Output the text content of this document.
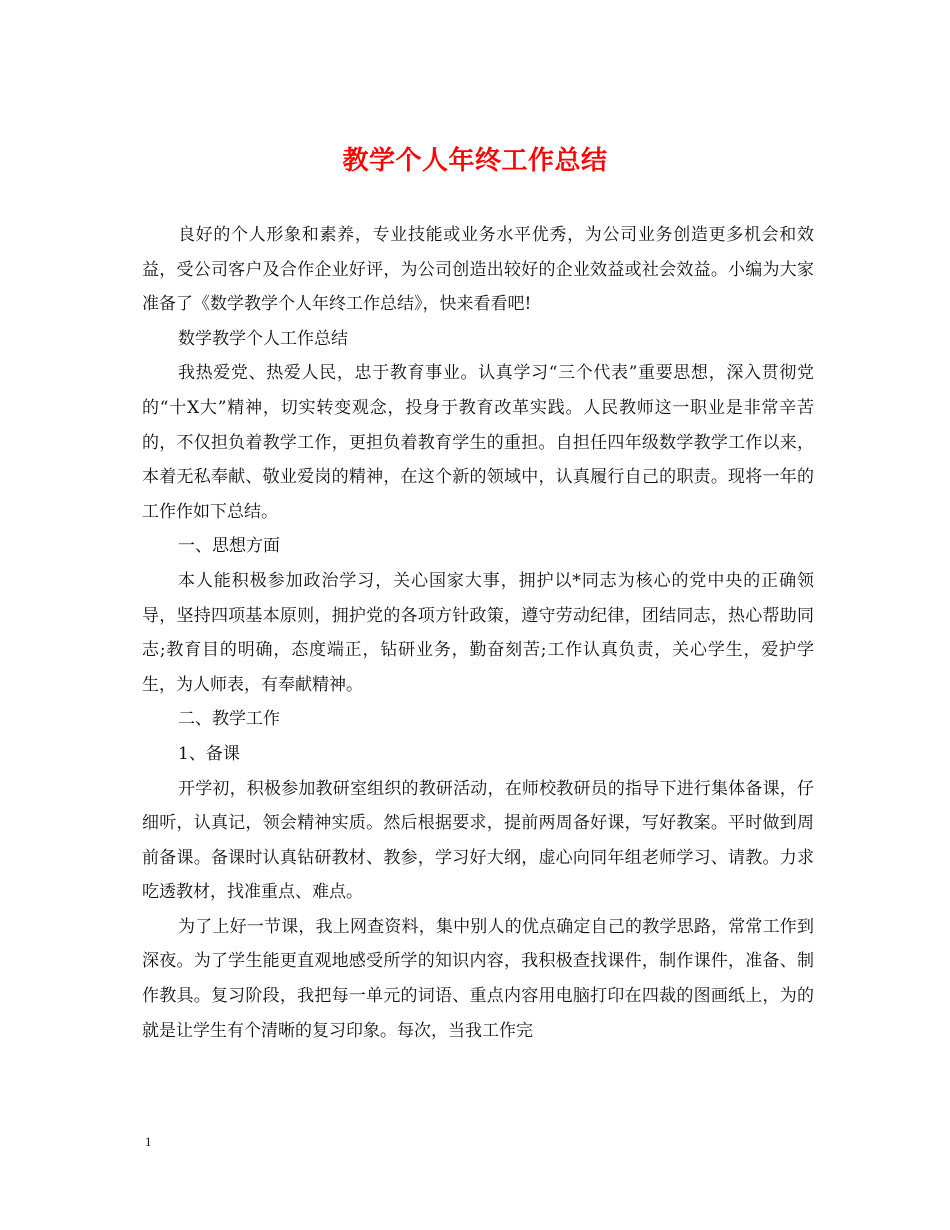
教学个人年终工作总结

良好的个人形象和素养，专业技能或业务水平优秀，为公司业务创造更多机会和效益，受公司客户及合作企业好评，为公司创造出较好的企业效益或社会效益。小编为大家准备了《数学教学个人年终工作总结》，快来看看吧!

数学教学个人工作总结

我热爱党、热爱人民，忠于教育事业。认真学习“三个代表”重要思想，深入贯彻党的“十X大”精神，切实转变观念，投身于教育改革实践。人民教师这一职业是非常辛苦的，不仅担负着教学工作，更担负着教育学生的重担。自担任四年级数学教学工作以来，本着无私奉献、敬业爱岗的精神，在这个新的领域中，认真履行自己的职责。现将一年的工作作如下总结。

一、思想方面

本人能积极参加政治学习，关心国家大事，拥护以*同志为核心的党中央的正确领导，坚持四项基本原则，拥护党的各项方针政策，遵守劳动纪律，团结同志，热心帮助同志;教育目的明确，态度端正，钻研业务，勤奋刻苦;工作认真负责，关心学生，爱护学生，为人师表，有奉献精神。

二、教学工作

1、备课

开学初，积极参加教研室组织的教研活动，在师校教研员的指导下进行集体备课，仔细听，认真记，领会精神实质。然后根据要求，提前两周备好课，写好教案。平时做到周前备课。备课时认真钻研教材、教参，学习好大纲，虚心向同年组老师学习、请教。力求吃透教材，找准重点、难点。

为了上好一节课，我上网查资料，集中别人的优点确定自己的教学思路，常常工作到深夜。为了学生能更直观地感受所学的知识内容，我积极查找课件，制作课件，准备、制作教具。复习阶段，我把每一单元的词语、重点内容用电脑打印在四裁的图画纸上，为的就是让学生有个清晰的复习印象。每次，当我工作完

1
